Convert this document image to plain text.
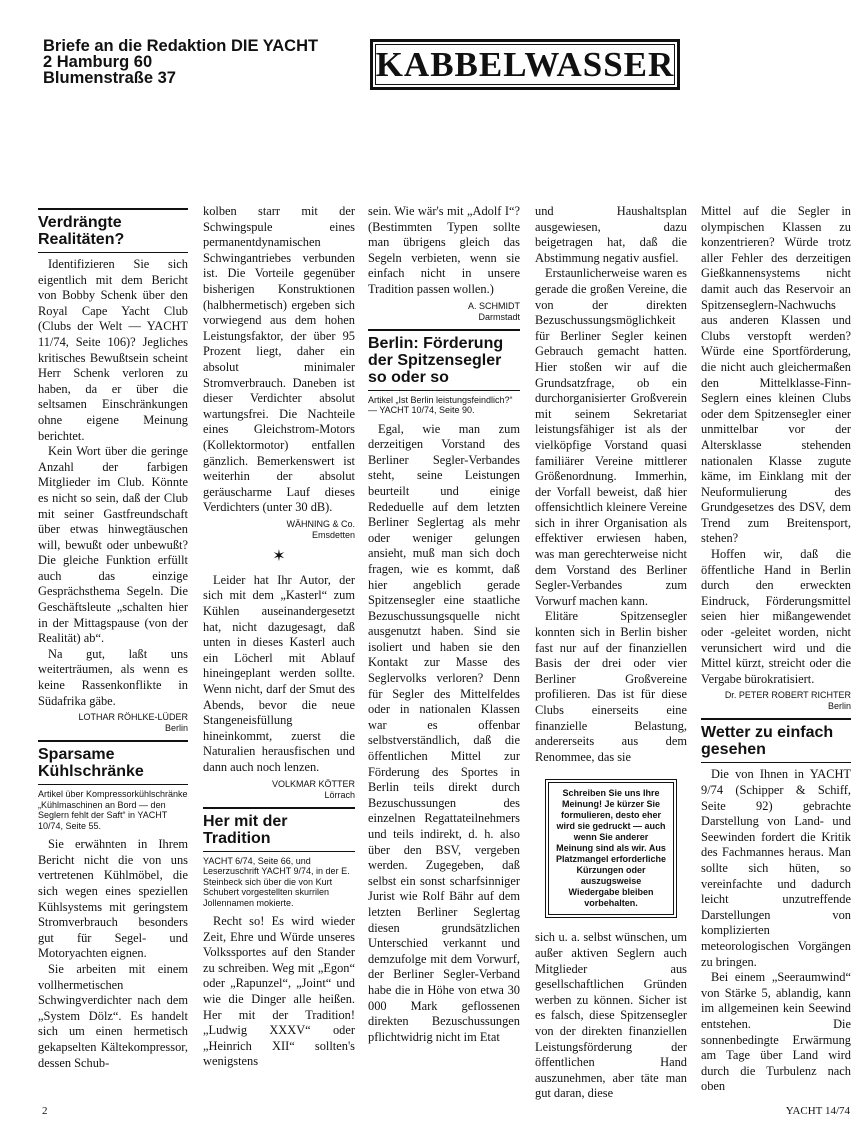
Briefe an die Redaktion DIE YACHT
2 Hamburg 60
Blumenstraße 37	KABBELWASSER
Verdrängte Realitäten?

Identifizieren Sie sich eigentlich mit dem Bericht von Bobby Schenk über den Royal Cape Yacht Club (Clubs der Welt — YACHT 11/74, Seite 106)? Jegliches kritisches Bewußtsein scheint Herr Schenk verloren zu haben, da er über die seltsamen Einschränkungen ohne eigene Meinung berichtet.

Kein Wort über die geringe Anzahl der farbigen Mitglieder im Club. Könnte es nicht so sein, daß der Club mit seiner Gastfreundschaft über etwas hinwegtäuschen will, bewußt oder unbewußt? Die gleiche Funktion erfüllt auch das einzige Gesprächsthema Segeln. Die Geschäftsleute „schalten hier in der Mittagspause (von der Realität) ab“.

Na gut, laßt uns weiterträumen, als wenn es keine Rassenkonflikte in Südafrika gäbe.

LOTHAR RÖHLKE-LÜDER
Berlin
Sparsame Kühlschränke
Artikel über Kompressorkühlschränke „Kühlmaschinen an Bord — den Seglern fehlt der Saft“ in YACHT 10/74, Seite 55.

Sie erwähnten in Ihrem Bericht nicht die von uns vertretenen Kühlmöbel, die sich wegen eines speziellen Kühlsystems mit geringstem Stromverbrauch besonders gut für Segel- und Motoryachten eignen.

Sie arbeiten mit einem vollhermetischen Schwingverdichter nach dem „System Dölz“. Es handelt sich um einen hermetisch gekapselten Kältekompressor, dessen Schub-

kolben starr mit der Schwingspule eines permanentdynamischen Schwingantriebes verbunden ist. Die Vorteile gegenüber bisherigen Konstruktionen (halbhermetisch) ergeben sich vorwiegend aus dem hohen Leistungsfaktor, der über 95 Prozent liegt, daher ein absolut minimaler Stromverbrauch. Daneben ist dieser Verdichter absolut wartungsfrei. Die Nachteile eines Gleichstrom-Motors (Kollektormotor) entfallen gänzlich. Bemerkenswert ist weiterhin der absolut geräuscharme Lauf dieses Verdichters (unter 30 dB).

WÄHNING & Co.
Emsdetten
✶

Leider hat Ihr Autor, der sich mit dem „Kasterl“ zum Kühlen auseinandergesetzt hat, nicht dazugesagt, daß unten in dieses Kasterl auch ein Löcherl mit Ablauf hineingeplant werden sollte. Wenn nicht, darf der Smut des Abends, bevor die neue Stangeneisfüllung hineinkommt, zuerst die Naturalien herausfischen und dann auch noch lenzen.

VOLKMAR KÖTTER
Lörrach
Her mit der Tradition
YACHT 6/74, Seite 66, und Leserzuschrift YACHT 9/74, in der E. Steinbeck sich über die von Kurt Schubert vorgestellten skurrilen Jollennamen mokierte.

Recht so! Es wird wieder Zeit, Ehre und Würde unseres Volkssportes auf den Stander zu schreiben. Weg mit „Egon“ oder „Rapunzel“, „Joint“ und wie die Dinger alle heißen. Her mit der Tradition! „Ludwig XXXV“ oder „Heinrich XII“ sollten's wenigstens

sein. Wie wär's mit „Adolf I“? (Bestimmten Typen sollte man übrigens gleich das Segeln verbieten, wenn sie einfach nicht in unsere Tradition passen wollen.)

A. SCHMIDT
Darmstadt
Berlin: Förderung der Spitzensegler so oder so
Artikel „Ist Berlin leistungsfeindlich?“ — YACHT 10/74, Seite 90.

Egal, wie man zum derzeitigen Vorstand des Berliner Segler-Verbandes steht, seine Leistungen beurteilt und einige Rededuelle auf dem letzten Berliner Seglertag als mehr oder weniger gelungen ansieht, muß man sich doch fragen, wie es kommt, daß hier angeblich gerade Spitzensegler eine staatliche Bezuschussungsquelle nicht ausgenutzt haben. Sind sie isoliert und haben sie den Kontakt zur Masse des Seglervolks verloren? Denn für Segler des Mittelfeldes oder in nationalen Klassen war es offenbar selbstverständlich, daß die öffentlichen Mittel zur Förderung des Sportes in Berlin teils direkt durch Bezuschussungen des einzelnen Regattateilnehmers und teils indirekt, d. h. also über den BSV, vergeben werden. Zugegeben, daß selbst ein sonst scharfsinniger Jurist wie Rolf Bähr auf dem letzten Berliner Seglertag diesen grundsätzlichen Unterschied verkannt und demzufolge mit dem Vorwurf, der Berliner Segler-Verband habe die in Höhe von etwa 30 000 Mark geflossenen direkten Bezuschussungen pflichtwidrig nicht im Etat

und Haushaltsplan ausgewiesen, dazu beigetragen hat, daß die Abstimmung negativ ausfiel.

Erstaunlicherweise waren es gerade die großen Vereine, die von der direkten Bezuschussungsmöglichkeit für Berliner Segler keinen Gebrauch gemacht hatten. Hier stoßen wir auf die Grundsatzfrage, ob ein durchorganisierter Großverein mit seinem Sekretariat leistungsfähiger ist als der vielköpfige Vorstand quasi familiärer Vereine mittlerer Größenordnung. Immerhin, der Vorfall beweist, daß hier offensichtlich kleinere Vereine sich in ihrer Organisation als effektiver erwiesen haben, was man gerechterweise nicht dem Vorstand des Berliner Segler-Verbandes zum Vorwurf machen kann.

Elitäre Spitzensegler konnten sich in Berlin bisher fast nur auf der finanziellen Basis der drei oder vier Berliner Großvereine profilieren. Das ist für diese Clubs einerseits eine finanzielle Belastung, andererseits aus dem Renommee, das sie

Schreiben Sie uns Ihre Meinung! Je kürzer Sie formulieren, desto eher wird sie gedruckt — auch wenn Sie anderer Meinung sind als wir. Aus Platzmangel erforderliche Kürzungen oder auszugsweise Wiedergabe bleiben vorbehalten.

sich u. a. selbst wünschen, um außer aktiven Seglern auch Mitglieder aus gesellschaftlichen Gründen werben zu können. Sicher ist es falsch, diese Spitzensegler von der direkten finanziellen Leistungsförderung der öffentlichen Hand auszunehmen, aber täte man gut daran, diese

Mittel auf die Segler in olympischen Klassen zu konzentrieren? Würde trotz aller Fehler des derzeitigen Gießkannensystems nicht damit auch das Reservoir an Spitzenseglern-Nachwuchs aus anderen Klassen und Clubs verstopft werden? Würde eine Sportförderung, die nicht auch gleichermaßen den Mittelklasse-Finn-Seglern eines kleinen Clubs oder dem Spitzensegler einer unmittelbar vor der Altersklasse stehenden nationalen Klasse zugute käme, im Einklang mit der Neuformulierung des Grundgesetzes des DSV, dem Trend zum Breitensport, stehen?

Hoffen wir, daß die öffentliche Hand in Berlin durch den erweckten Eindruck, Förderungsmittel seien hier mißangewendet oder -geleitet worden, nicht verunsichert wird und die Mittel kürzt, streicht oder die Vergabe bürokratisiert.

Dr. PETER ROBERT RICHTER
Berlin
Wetter zu einfach gesehen

Die von Ihnen in YACHT 9/74 (Schipper & Schiff, Seite 92) gebrachte Darstellung von Land- und Seewinden fordert die Kritik des Fachmannes heraus. Man sollte sich hüten, so vereinfachte und dadurch leicht unzutreffende Darstellungen von komplizierten meteorologischen Vorgängen zu bringen.

Bei einem „Seeraumwind“ von Stärke 5, ablandig, kann im allgemeinen kein Seewind entstehen. Die sonnenbedingte Erwärmung am Tage über Land wird durch die Turbulenz nach oben

2	YACHT 14/74
